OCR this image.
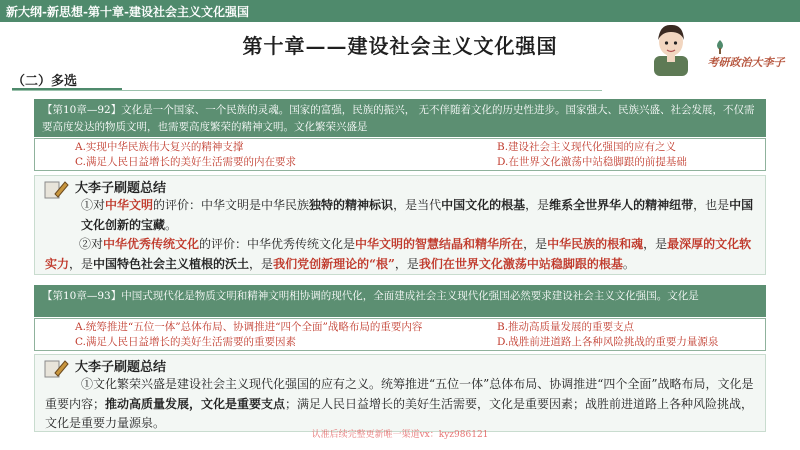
新大纲-新思想-第十章-建设社会主义文化强国
第十章——建设社会主义文化强国
考研政治大李子
（二）多选
【第10章—92】文化是一个国家、一个民族的灵魂。国家的富强，民族的振兴， 无不伴随着文化的历史性进步。国家强大、民族兴盛、社会发展，不仅需要高度发达的物质文明，也需要高度繁荣的精神文明。文化繁荣兴盛是
A.实现中华民族伟大复兴的精神支撑	B.建设社会主义现代化强国的应有之义
C.满足人民日益增长的美好生活需要的内在要求	D.在世界文化激荡中站稳脚跟的前提基础
大李子刷题总结
①对中华文明的评价：中华文明是中华民族独特的精神标识，是当代中国文化的根基，是维系全世界华人的精神纽带，也是中国文化创新的宝藏。
②对中华优秀传统文化的评价：中华优秀传统文化是中华文明的智慧结晶和精华所在，是中华民族的根和魂，是最深厚的文化软实力，是中国特色社会主义植根的沃土，是我们党创新理论的“根”，是我们在世界文化激荡中站稳脚跟的根基。
【第10章—93】中国式现代化是物质文明和精神文明相协调的现代化，全面建成社会主义现代化强国必然要求建设社会主义文化强国。文化是
A.统筹推进“五位一体”总体布局、协调推进“四个全面”战略布局的重要内容	B.推动高质量发展的重要支点
C.满足人民日益增长的美好生活需要的重要因素	D.战胜前进道路上各种风险挑战的重要力量源泉
大李子刷题总结
①文化繁荣兴盛是建设社会主义现代化强国的应有之义。统筹推进“五位一体”总体布局、协调推进“四个全面”战略布局，文化是重要内容；推动高质量发展，文化是重要支点；满足人民日益增长的美好生活需要，文化是重要因素；战胜前进道路上各种风险挑战，文化是重要力量源泉。
认准后续完整更新唯一渠道vx：kyz986121
